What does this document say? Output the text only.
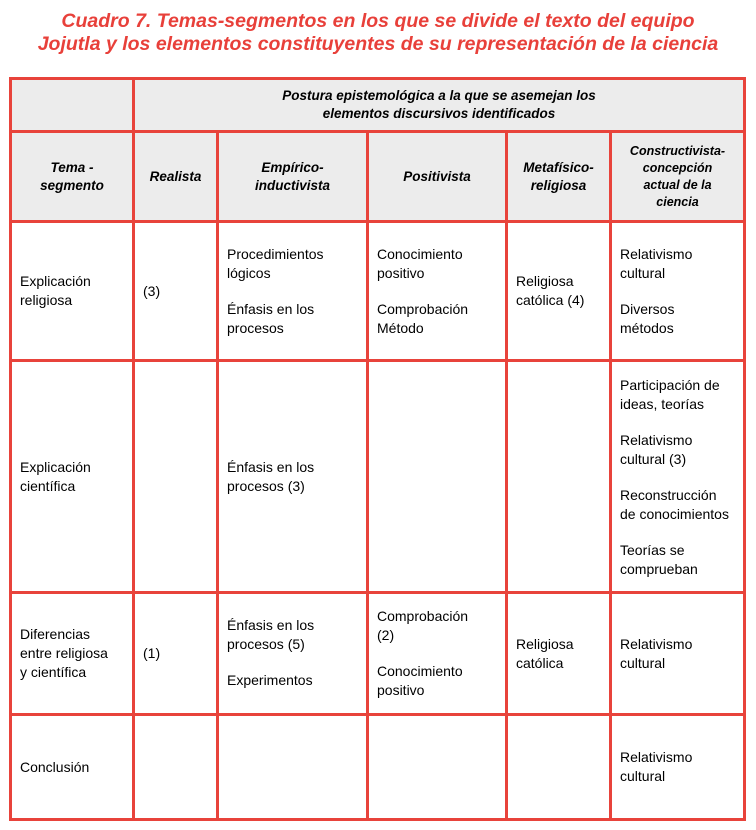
Cuadro 7. Temas-segmentos en los que se divide el texto del equipo
Jojutla y los elementos constituyentes de su representación de la ciencia
Postura epistemológica a la que se asemejan los
elementos discursivos identificados
Tema -
segmento
Realista
Empírico-
inductivista
Positivista
Metafísico-
religiosa
Constructivista-
concepción
actual de la
ciencia
Explicación
religiosa
(3)
Procedimientos
lógicos
Énfasis en los
procesos
Conocimiento
positivo
Comprobación
Método
Religiosa
católica (4)
Relativismo
cultural
Diversos
métodos
Explicación
científica
Énfasis en los
procesos (3)
Participación de
ideas, teorías
Relativismo
cultural (3)
Reconstrucción
de conocimientos
Teorías se
comprueban
Diferencias
entre religiosa
y científica
(1)
Énfasis en los
procesos (5)
Experimentos
Comprobación
(2)
Conocimiento
positivo
Religiosa
católica
Relativismo
cultural
Conclusión
Relativismo
cultural
